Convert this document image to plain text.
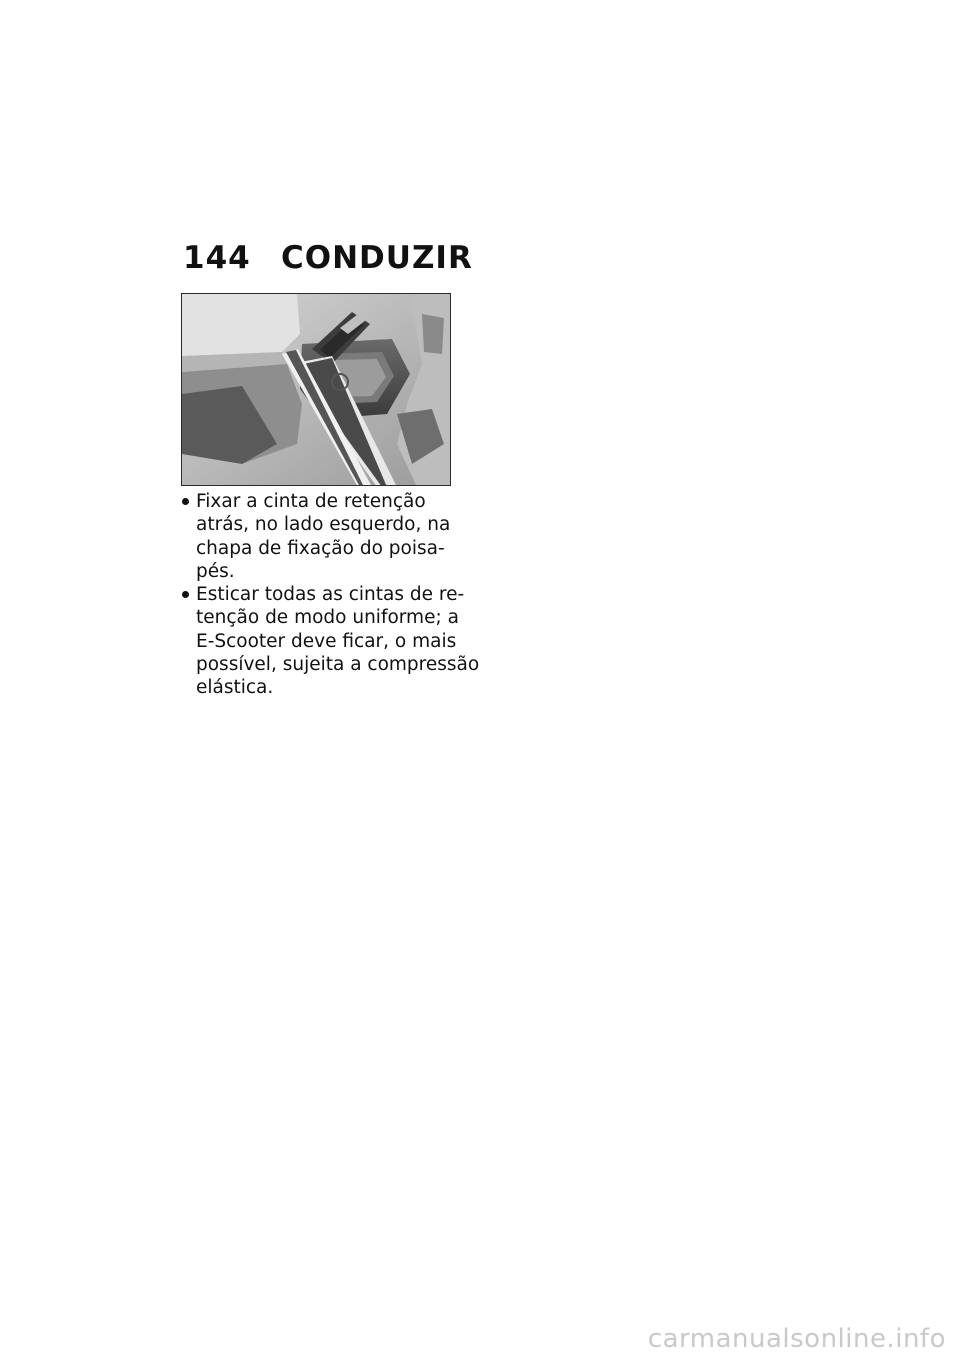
144 CONDUZIR
Fixar a cinta de retenção
atrás, no lado esquerdo, na
chapa de fixação do poisa-
pés.
Esticar todas as cintas de re-
tenção de modo uniforme; a
E-Scooter deve ficar, o mais
possível, sujeita a compressão
elástica.
carmanualsonline.info
